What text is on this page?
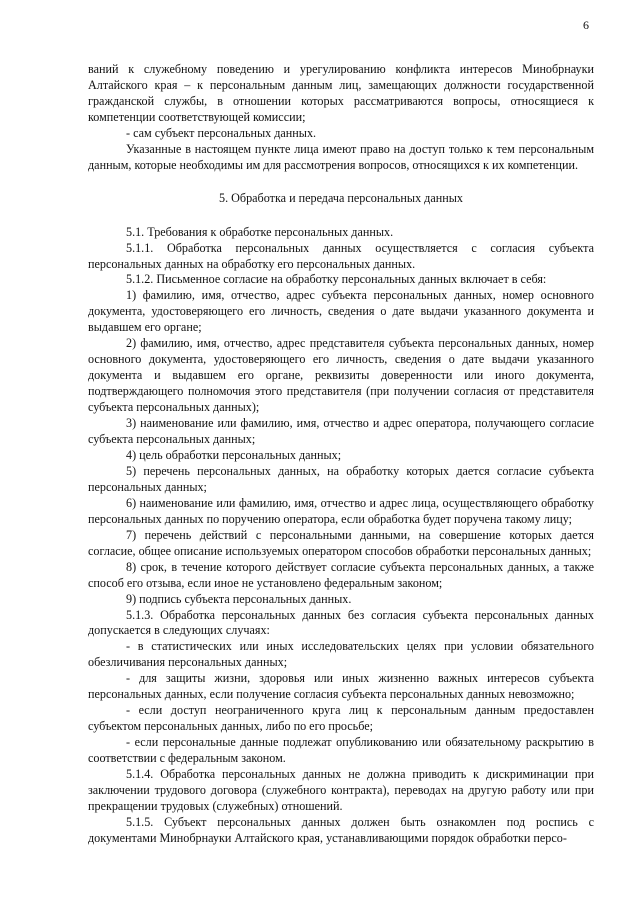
6

ваний к служебному поведению и урегулированию конфликта интересов Минобрнауки Алтайского края – к персональным данным лиц, замещающих должности государственной гражданской службы, в отношении которых рассматриваются вопросы, относящиеся к компетенции соответствующей комиссии;

- сам субъект персональных данных.

Указанные в настоящем пункте лица имеют право на доступ только к тем персональным данным, которые необходимы им для рассмотрения вопросов, относящихся к их компетенции.

5. Обработка и передача персональных данных

5.1. Требования к обработке персональных данных.

5.1.1. Обработка персональных данных осуществляется с согласия субъекта персональных данных на обработку его персональных данных.

5.1.2. Письменное согласие на обработку персональных данных включает в себя:

1) фамилию, имя, отчество, адрес субъекта персональных данных, номер основного документа, удостоверяющего его личность, сведения о дате выдачи указанного документа и выдавшем его органе;

2) фамилию, имя, отчество, адрес представителя субъекта персональных данных, номер основного документа, удостоверяющего его личность, сведения о дате выдачи указанного документа и выдавшем его органе, реквизиты доверенности или иного документа, подтверждающего полномочия этого представителя (при получении согласия от представителя субъекта персональных данных);

3) наименование или фамилию, имя, отчество и адрес оператора, получающего согласие субъекта персональных данных;

4) цель обработки персональных данных;

5) перечень персональных данных, на обработку которых дается согласие субъекта персональных данных;

6) наименование или фамилию, имя, отчество и адрес лица, осуществляющего обработку персональных данных по поручению оператора, если обработка будет поручена такому лицу;

7) перечень действий с персональными данными, на совершение которых дается согласие, общее описание используемых оператором способов обработки персональных данных;

8) срок, в течение которого действует согласие субъекта персональных данных, а также способ его отзыва, если иное не установлено федеральным законом;

9) подпись субъекта персональных данных.

5.1.3. Обработка персональных данных без согласия субъекта персональных данных допускается в следующих случаях:

- в статистических или иных исследовательских целях при условии обязательного обезличивания персональных данных;

- для защиты жизни, здоровья или иных жизненно важных интересов субъекта персональных данных, если получение согласия субъекта персональных данных невозможно;

- если доступ неограниченного круга лиц к персональным данным предоставлен субъектом персональных данных, либо по его просьбе;

- если персональные данные подлежат опубликованию или обязательному раскрытию в соответствии с федеральным законом.

5.1.4. Обработка персональных данных не должна приводить к дискриминации при заключении трудового договора (служебного контракта), переводах на другую работу или при прекращении трудовых (служебных) отношений.

5.1.5. Субъект персональных данных должен быть ознакомлен под роспись с документами Минобрнауки Алтайского края, устанавливающими порядок обработки персо-
